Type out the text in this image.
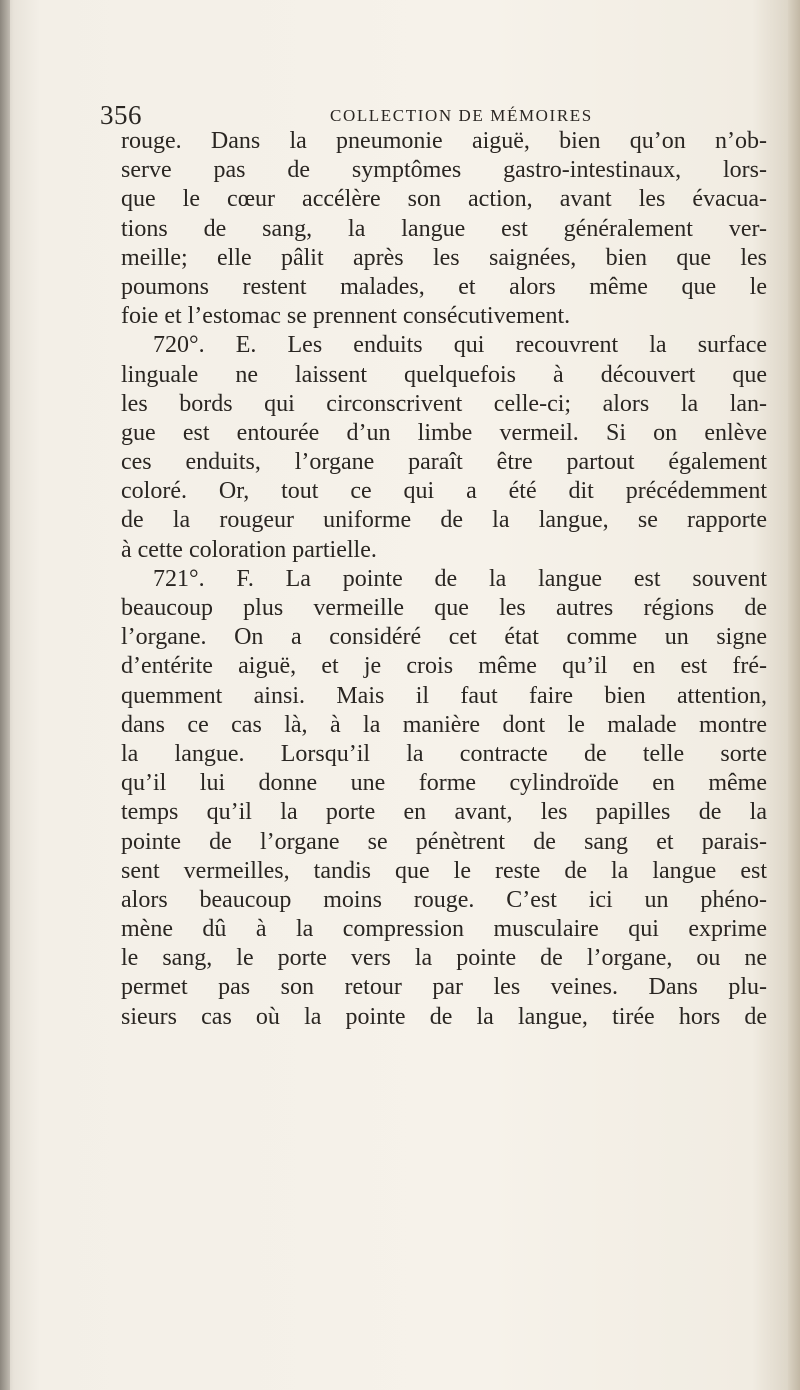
356	COLLECTION DE MÉMOIRES
rouge. Dans la pneumonie aiguë, bien qu’on n’ob-
serve pas de symptômes gastro-intestinaux, lors-
que le cœur accélère son action, avant les évacua-
tions de sang, la langue est généralement ver-
meille; elle pâlit après les saignées, bien que les
poumons restent malades, et alors même que le
foie et l’estomac se prennent consécutivement.
720°. E. Les enduits qui recouvrent la surface
linguale ne laissent quelquefois à découvert que
les bords qui circonscrivent celle-ci; alors la lan-
gue est entourée d’un limbe vermeil. Si on enlève
ces enduits, l’organe paraît être partout également
coloré. Or, tout ce qui a été dit précédemment
de la rougeur uniforme de la langue, se rapporte
à cette coloration partielle.
721°. F. La pointe de la langue est souvent
beaucoup plus vermeille que les autres régions de
l’organe. On a considéré cet état comme un signe
d’entérite aiguë, et je crois même qu’il en est fré-
quemment ainsi. Mais il faut faire bien attention,
dans ce cas là, à la manière dont le malade montre
la langue. Lorsqu’il la contracte de telle sorte
qu’il lui donne une forme cylindroïde en même
temps qu’il la porte en avant, les papilles de la
pointe de l’organe se pénètrent de sang et parais-
sent vermeilles, tandis que le reste de la langue est
alors beaucoup moins rouge. C’est ici un phéno-
mène dû à la compression musculaire qui exprime
le sang, le porte vers la pointe de l’organe, ou ne
permet pas son retour par les veines. Dans plu-
sieurs cas où la pointe de la langue, tirée hors de
